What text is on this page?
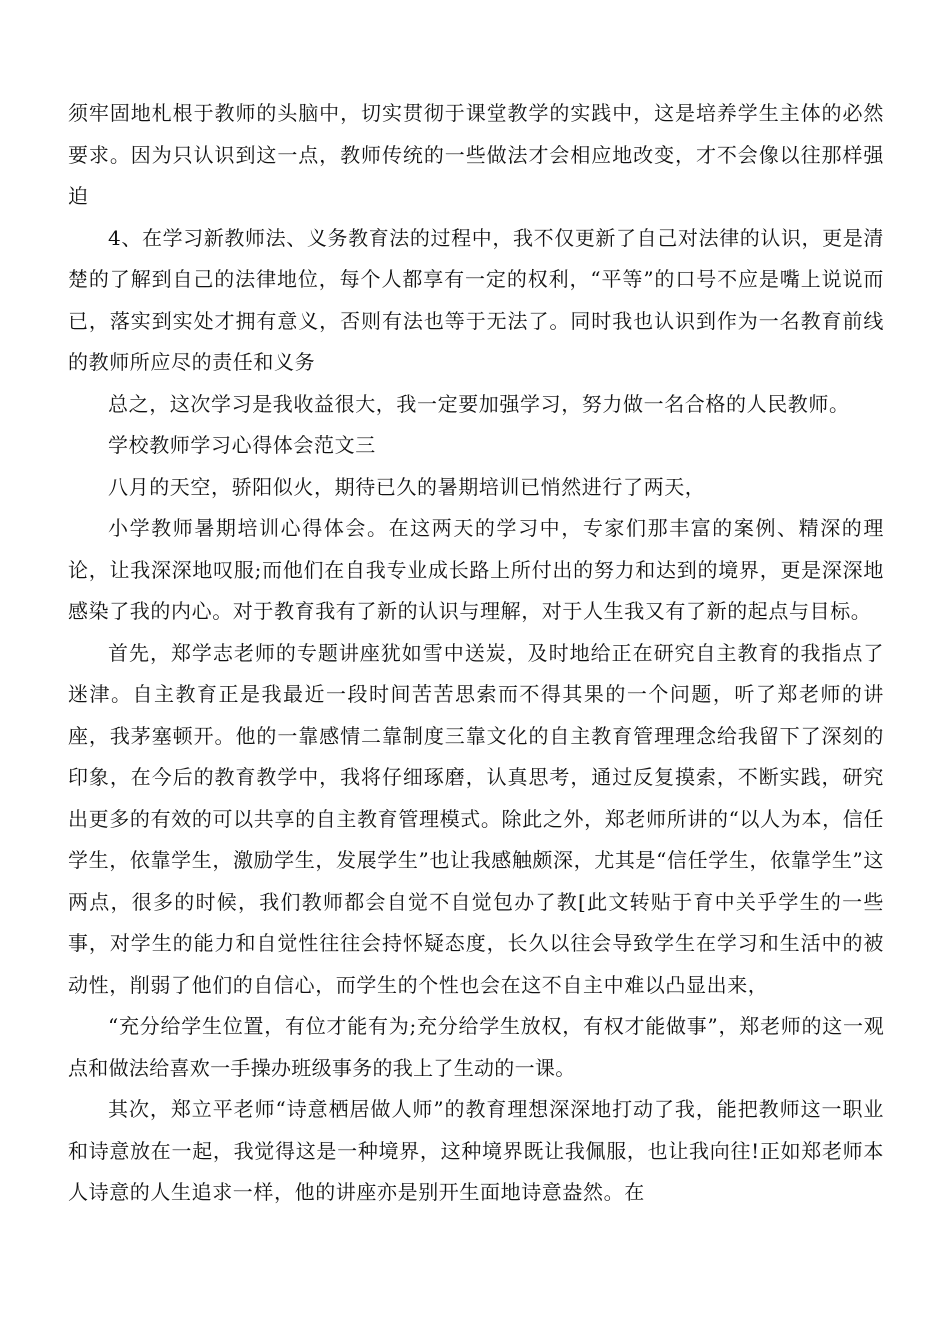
须牢固地札根于教师的头脑中，切实贯彻于课堂教学的实践中，这是培养学生主体的必然要求。因为只认识到这一点，教师传统的一些做法才会相应地改变，才不会像以往那样强迫

4、在学习新教师法、义务教育法的过程中，我不仅更新了自己对法律的认识，更是清楚的了解到自己的法律地位，每个人都享有一定的权利，“平等”的口号不应是嘴上说说而已，落实到实处才拥有意义，否则有法也等于无法了。同时我也认识到作为一名教育前线的教师所应尽的责任和义务

总之，这次学习是我收益很大，我一定要加强学习，努力做一名合格的人民教师。

学校教师学习心得体会范文三

八月的天空，骄阳似火，期待已久的暑期培训已悄然进行了两天，

小学教师暑期培训心得体会。在这两天的学习中，专家们那丰富的案例、精深的理论，让我深深地叹服;而他们在自我专业成长路上所付出的努力和达到的境界，更是深深地感染了我的内心。对于教育我有了新的认识与理解，对于人生我又有了新的起点与目标。

首先，郑学志老师的专题讲座犹如雪中送炭，及时地给正在研究自主教育的我指点了迷津。自主教育正是我最近一段时间苦苦思索而不得其果的一个问题，听了郑老师的讲座，我茅塞顿开。他的一靠感情二靠制度三靠文化的自主教育管理理念给我留下了深刻的印象，在今后的教育教学中，我将仔细琢磨，认真思考，通过反复摸索，不断实践，研究出更多的有效的可以共享的自主教育管理模式。除此之外，郑老师所讲的“以人为本，信任学生，依靠学生，激励学生，发展学生”也让我感触颇深，尤其是“信任学生，依靠学生”这两点，很多的时候，我们教师都会自觉不自觉包办了教[此文转贴于育中关乎学生的一些事，对学生的能力和自觉性往往会持怀疑态度，长久以往会导致学生在学习和生活中的被动性，削弱了他们的自信心，而学生的个性也会在这不自主中难以凸显出来，

“充分给学生位置，有位才能有为;充分给学生放权，有权才能做事”，郑老师的这一观点和做法给喜欢一手操办班级事务的我上了生动的一课。

其次，郑立平老师“诗意栖居做人师”的教育理想深深地打动了我，能把教师这一职业和诗意放在一起，我觉得这是一种境界，这种境界既让我佩服，也让我向往!正如郑老师本人诗意的人生追求一样，他的讲座亦是别开生面地诗意盎然。在
